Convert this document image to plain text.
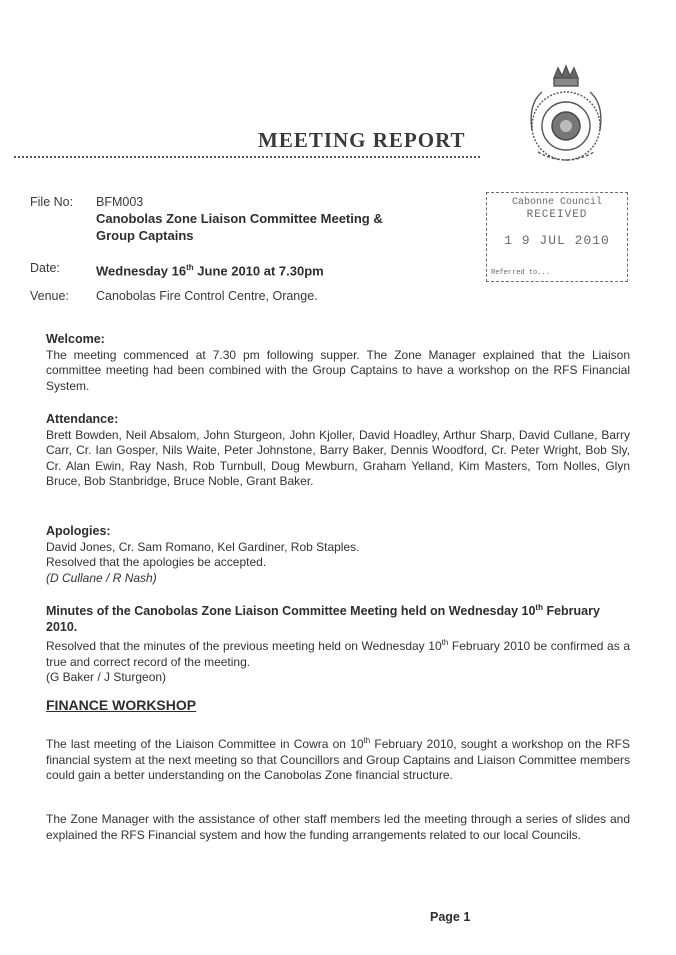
MEETING REPORT
File No: BFM003
Canobolas Zone Liaison Committee Meeting &
Group Captains
Date:	Wednesday 16th June 2010 at 7.30pm
Venue: Canobolas Fire Control Centre, Orange.
Cabonne Council
RECEIVED
1 9 JUL 2010
Referred to...
Welcome:
The meeting commenced at 7.30 pm following supper. The Zone Manager explained that the Liaison committee meeting had been combined with the Group Captains to have a workshop on the RFS Financial System.
Attendance:
Brett Bowden, Neil Absalom, John Sturgeon, John Kjoller, David Hoadley, Arthur Sharp, David Cullane, Barry Carr, Cr. Ian Gosper, Nils Waite, Peter Johnstone, Barry Baker, Dennis Woodford, Cr. Peter Wright, Bob Sly, Cr. Alan Ewin, Ray Nash, Rob Turnbull, Doug Mewburn, Graham Yelland, Kim Masters, Tom Nolles, Glyn Bruce, Bob Stanbridge, Bruce Noble, Grant Baker.
Apologies:
David Jones, Cr. Sam Romano, Kel Gardiner, Rob Staples.
Resolved that the apologies be accepted.
(D Cullane / R Nash)
Minutes of the Canobolas Zone Liaison Committee Meeting held on Wednesday 10th February 2010.
Resolved that the minutes of the previous meeting held on Wednesday 10th February 2010 be confirmed as a true and correct record of the meeting.
(G Baker / J Sturgeon)
FINANCE WORKSHOP
The last meeting of the Liaison Committee in Cowra on 10th February 2010, sought a workshop on the RFS financial system at the next meeting so that Councillors and Group Captains and Liaison Committee members could gain a better understanding on the Canobolas Zone financial structure.
The Zone Manager with the assistance of other staff members led the meeting through a series of slides and explained the RFS Financial system and how the funding arrangements related to our local Councils.
Page 1
